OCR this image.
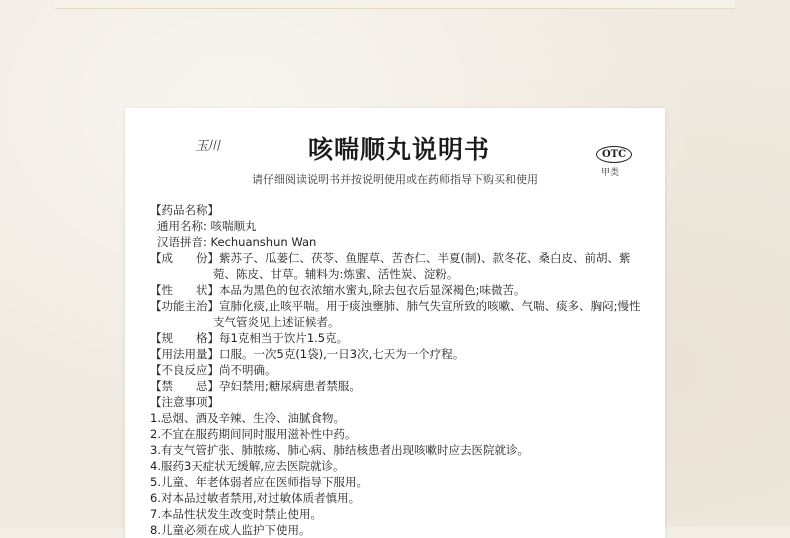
玉川	咳喘顺丸说明书	OTC
甲类
请仔细阅读说明书并按说明使用或在药师指导下购买和使用
【药品名称】
通用名称: 咳喘顺丸
汉语拼音: Kechuanshun Wan
【成　　份】紫苏子、瓜蒌仁、茯苓、鱼腥草、苦杏仁、半夏(制)、款冬花、桑白皮、前胡、紫菀、陈皮、甘草。辅料为:炼蜜、活性炭、淀粉。
【性　　状】本品为黑色的包衣浓缩水蜜丸,除去包衣后显深褐色;味微苦。
【功能主治】宣肺化痰,止咳平喘。用于痰浊壅肺、肺气失宣所致的咳嗽、气喘、痰多、胸闷;慢性支气管炎见上述证候者。
【规　　格】每1克相当于饮片1.5克。
【用法用量】口服。一次5克(1袋),一日3次,七天为一个疗程。
【不良反应】尚不明确。
【禁　　忌】孕妇禁用;糖尿病患者禁服。
【注意事项】
1.忌烟、酒及辛辣、生冷、油腻食物。
2.不宜在服药期间同时服用滋补性中药。
3.有支气管扩张、肺脓疡、肺心病、肺结核患者出现咳嗽时应去医院就诊。
4.服药3天症状无缓解,应去医院就诊。
5.儿童、年老体弱者应在医师指导下服用。
6.对本品过敏者禁用,对过敏体质者慎用。
7.本品性状发生改变时禁止使用。
8.儿童必须在成人监护下使用。
